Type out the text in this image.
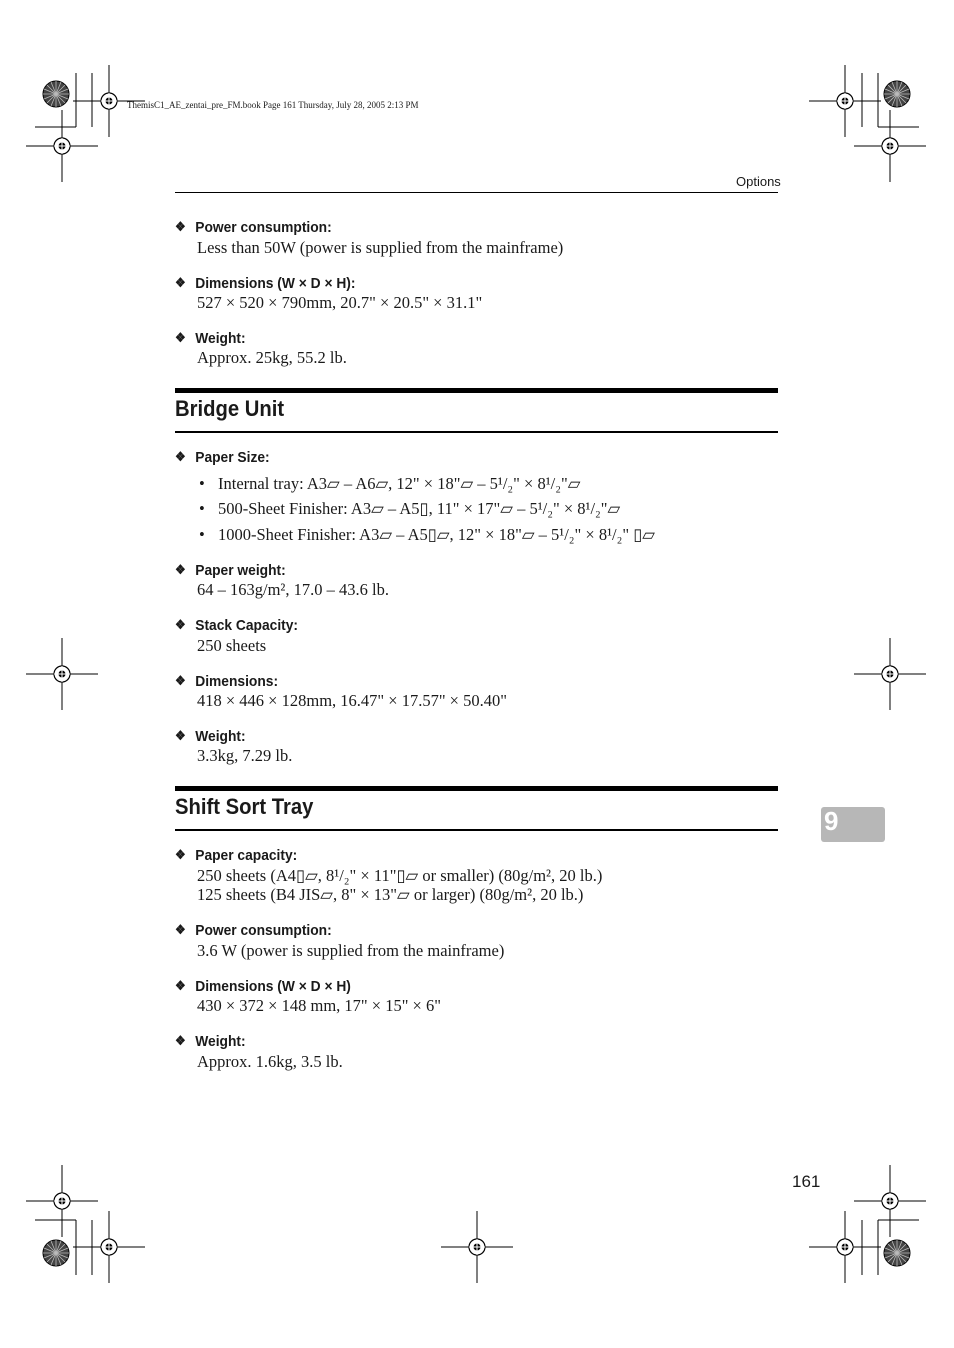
ThemisC1_AE_zentai_pre_FM.book Page 161 Thursday, July 28, 2005 2:13 PM
Options
❖ Power consumption:
Less than 50W (power is supplied from the mainframe)
❖ Dimensions (W × D × H):
527 × 520 × 790mm, 20.7" × 20.5" × 31.1"
❖ Weight:
Approx. 25kg, 55.2 lb.
Bridge Unit
❖ Paper Size:
• Internal tray: A3▱ – A6▱, 12" × 18"▱ – 5¹/₂" × 8¹/₂"▱
• 500-Sheet Finisher: A3▱ – A5▯, 11" × 17"▱ – 5¹/₂" × 8¹/₂"▱
• 1000-Sheet Finisher: A3▱ – A5▯▱, 12" × 18"▱ – 5¹/₂" × 8¹/₂" ▯▱
❖ Paper weight:
64 – 163g/m², 17.0 – 43.6 lb.
❖ Stack Capacity:
250 sheets
❖ Dimensions:
418 × 446 × 128mm, 16.47" × 17.57" × 50.40"
❖ Weight:
3.3kg, 7.29 lb.
Shift Sort Tray
❖ Paper capacity:
250 sheets (A4▯▱, 8¹/₂" × 11"▯▱ or smaller) (80g/m², 20 lb.)
125 sheets (B4 JIS▱, 8" × 13"▱ or larger) (80g/m², 20 lb.)
❖ Power consumption:
3.6 W (power is supplied from the mainframe)
❖ Dimensions (W × D × H)
430 × 372 × 148 mm, 17" × 15" × 6"
❖ Weight:
Approx. 1.6kg, 3.5 lb.
9
161
